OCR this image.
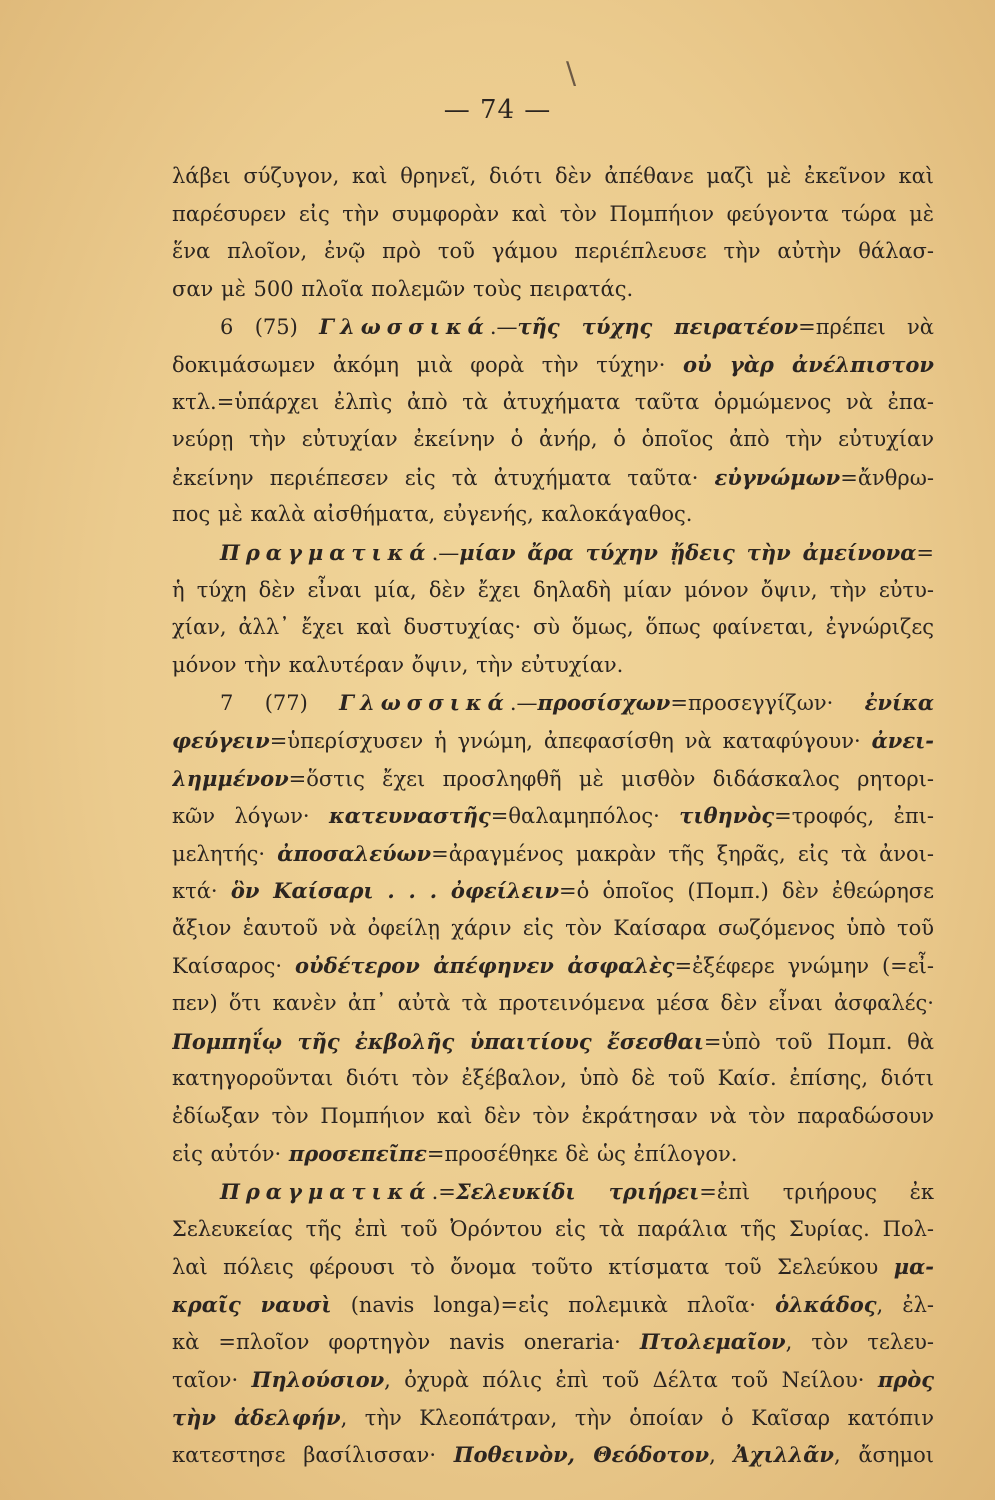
\
— 74 —
λάβει σύζυγον, καὶ θρηνεῖ, διότι δὲν ἀπέθανε μαζὶ μὲ ἐκεῖνον καὶ
παρέσυρεν εἰς τὴν συμφορὰν καὶ τὸν Πομπήιον φεύγοντα τώρα μὲ
ἕνα πλοῖον, ἐνῷ πρὸ τοῦ γάμου περιέπλευσε τὴν αὐτὴν θάλασ-
σαν μὲ 500 πλοῖα πολεμῶν τοὺς πειρατάς.
6 (75) Γλωσσικά.—τῆς τύχης πειρατέον=πρέπει νὰ
δοκιμάσωμεν ἀκόμη μιὰ φορὰ τὴν τύχην· οὐ γὰρ ἀνέλπιστον
κτλ.=ὑπάρχει ἐλπὶς ἀπὸ τὰ ἀτυχήματα ταῦτα ὁρμώμενος νὰ ἐπα-
νεύρῃ τὴν εὐτυχίαν ἐκείνην ὁ ἀνήρ, ὁ ὁποῖος ἀπὸ τὴν εὐτυχίαν
ἐκείνην περιέπεσεν εἰς τὰ ἀτυχήματα ταῦτα· εὐγνώμων=ἄνθρω-
πος μὲ καλὰ αἰσθήματα, εὐγενής, καλοκάγαθος.
Πραγματικά.—μίαν ἄρα τύχην ᾔδεις τὴν ἀμείνονα=
ἡ τύχη δὲν εἶναι μία, δὲν ἔχει δηλαδὴ μίαν μόνον ὄψιν, τὴν εὐτυ-
χίαν, ἀλλ᾽ ἔχει καὶ δυστυχίας· σὺ ὅμως, ὅπως φαίνεται, ἐγνώριζες
μόνον τὴν καλυτέραν ὄψιν, τὴν εὐτυχίαν.
7 (77) Γλωσσικά.—προσίσχων=προσεγγίζων· ἐνίκα
φεύγειν=ὑπερίσχυσεν ἡ γνώμη, ἀπεφασίσθη νὰ καταφύγουν· ἀνει-
λημμένον=ὅστις ἔχει προσληφθῆ μὲ μισθὸν διδάσκαλος ρητορι-
κῶν λόγων· κατευναστῆς=θαλαμηπόλος· τιθηνὸς=τροφός, ἐπι-
μελητής· ἀποσαλεύων=ἀραγμένος μακρὰν τῆς ξηρᾶς, εἰς τὰ ἀνοι-
κτά· ὃν Καίσαρι . . . ὀφείλειν=ὁ ὁποῖος (Πομπ.) δὲν ἐθεώρησε
ἄξιον ἑαυτοῦ νὰ ὀφείλῃ χάριν εἰς τὸν Καίσαρα σωζόμενος ὑπὸ τοῦ
Καίσαρος· οὐδέτερον ἀπέφηνεν ἀσφαλὲς=ἐξέφερε γνώμην (=εἶ-
πεν) ὅτι κανὲν ἀπ᾽ αὐτὰ τὰ προτεινόμενα μέσα δὲν εἶναι ἀσφαλές·
Πομπηΐῳ τῆς ἐκβολῆς ὑπαιτίους ἔσεσθαι=ὑπὸ τοῦ Πομπ. θὰ
κατηγοροῦνται διότι τὸν ἐξέβαλον, ὑπὸ δὲ τοῦ Καίσ. ἐπίσης, διότι
ἐδίωξαν τὸν Πομπήιον καὶ δὲν τὸν ἐκράτησαν νὰ τὸν παραδώσουν
εἰς αὐτόν· προσεπεῖπε=προσέθηκε δὲ ὡς ἐπίλογον.
Πραγματικά.=Σελευκίδι τριήρει=ἐπὶ τριήρους ἐκ
Σελευκείας τῆς ἐπὶ τοῦ Ὀρόντου εἰς τὰ παράλια τῆς Συρίας. Πολ-
λαὶ πόλεις φέρουσι τὸ ὄνομα τοῦτο κτίσματα τοῦ Σελεύκου μα-
κραῖς ναυσὶ (navis longa)=εἰς πολεμικὰ πλοῖα· ὁλκάδος, ἐλ-
κὰ =πλοῖον φορτηγὸν navis oneraria· Πτολεμαῖον, τὸν τελευ-
ταῖον· Πηλούσιον, ὀχυρὰ πόλις ἐπὶ τοῦ Δέλτα τοῦ Νείλου· πρὸς
τὴν ἀδελφήν, τὴν Κλεοπάτραν, τὴν ὁποίαν ὁ Καῖσαρ κατόπιν
κατεστησε βασίλισσαν· Ποθεινὸν, Θεόδοτον, Ἀχιλλᾶν, ἄσημοι
